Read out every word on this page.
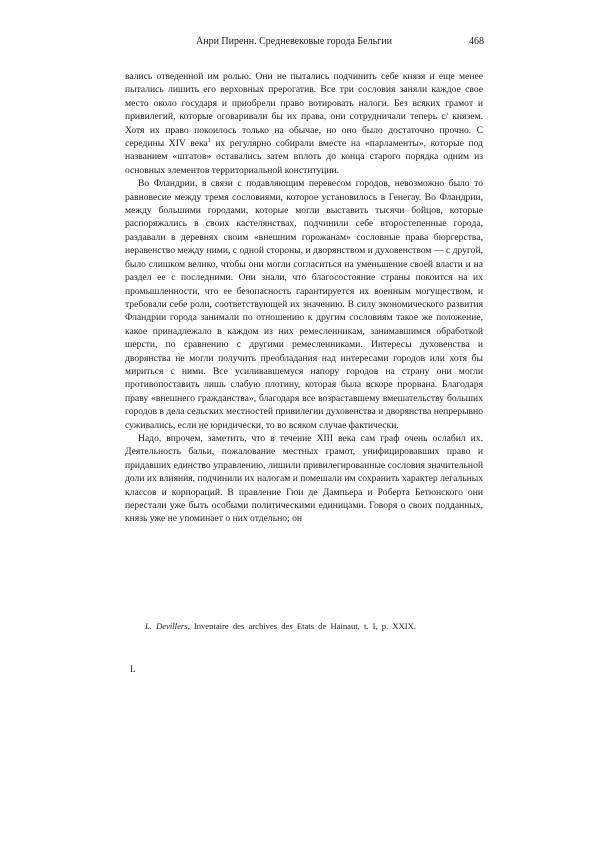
Анри Пиренн. Средневековые города Бельгии	468

вались отведенной им ролью. Они не пытались подчинить себе князя и еще менее пытались лишить его верховных прерогатив. Все три сословия заняли каждое свое место около государя и приобрели право вотировать налоги. Без всяких грамот и привилегий, которые оговаривали бы их права, они сотрудничали теперь с/ князем. Хотя их право покоилось только на обычае, но оно было достаточно прочно. С середины XIV века$^1$ их регулярно собирали вместе на «парламенты», которые под названием «штатов» оставались затем вплоть до конца старого порядка одним из основных элементов территориальной конституции.

Во Фландрии, в связи с подавляющим перевесом городов, невозможно было то равновесие между тремя сословиями, которое установилось в Генегау. Во Фландрии, между большими городами, которые могли выставить тысячи бойцов, которые распоряжались в своих кастелянствах, подчинили себе второстепенные города, раздавали в деревнях своим «внешним горожанам» сословные права бюргерства, неравенство между ними, с одной стороны, и дворянством и духовенством — с другой, было слишком велико, чтобы они могли согласиться на уменьшение своей власти и на раздел ее с последними. Они знали, что благосостояние страны покоится на их промышленности, что ее безопасность гарантируется их военным могуществом, и требовали себе роли, соответствующей их значению. В силу экономического развития Фландрии города занимали по отношению к другим сословиям такое же положение, какое принадлежало в каждом из них ремесленникам, занимавшимся обработкой шерсти, по сравнению с другими ремесленниками. Интересы духовенства и дворянства не могли получить преобладания над интересами городов или хотя бы мириться с ними. Все усиливавшемуся напору городов на страну они могли противопоставить лишь слабую плотину, которая была вскоре прорвана. Благодаря праву «внешнего гражданства», благодаря все возраставшему вмешательству больших городов в дела сельских местностей привилегии духовенства и дворянства непрерывно суживались, если не юридически, то во всяком случае фактически.

Надо, впрочем, заметить, что в течение XIII века сам граф очень ослабил их. Деятельность бальи, пожалование местных грамот, унифицировавших право и придавших единство управлению, лишили привилегированные сословия значительной доли их влияния, подчинили их налогам и помешали им сохранить характер легальных классов и корпораций. В правление Гюи де Дампьера и Роберта Бетюнского они перестали уже быть особыми политическими единицами. Говоря о своих подданных, князь уже не упоминает о них отдельно; он

L. Devillers, Inventaire des archives des Etats de Hainaut, t. I, p. XXIX.
L
